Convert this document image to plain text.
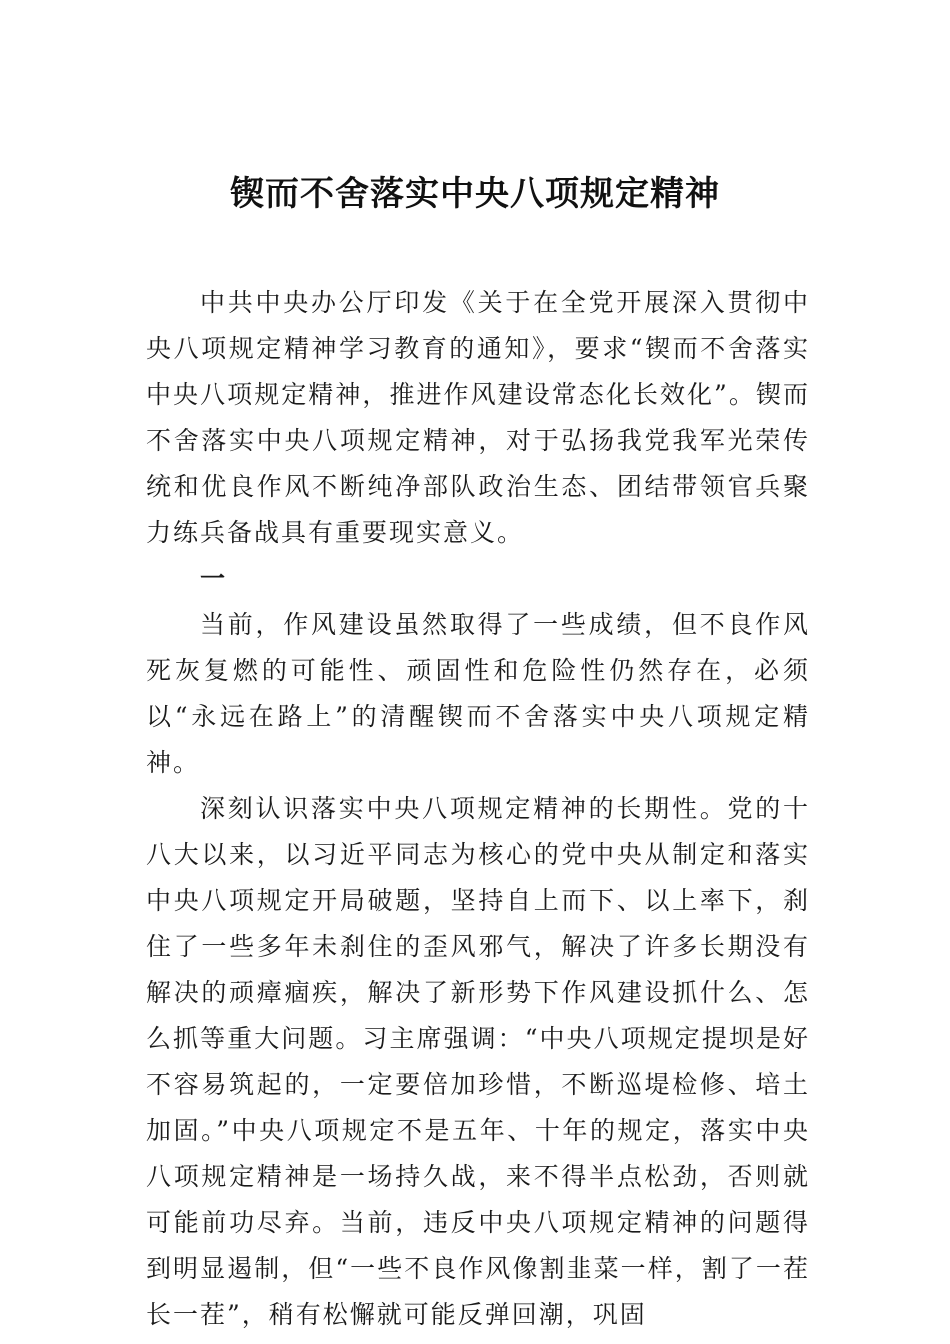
锲而不舍落实中央八项规定精神

中共中央办公厅印发《关于在全党开展深入贯彻中央八项规定精神学习教育的通知》，要求“锲而不舍落实中央八项规定精神，推进作风建设常态化长效化”。锲而不舍落实中央八项规定精神，对于弘扬我党我军光荣传统和优良作风不断纯净部队政治生态、团结带领官兵聚力练兵备战具有重要现实意义。

一

当前，作风建设虽然取得了一些成绩，但不良作风死灰复燃的可能性、顽固性和危险性仍然存在，必须以“永远在路上”的清醒锲而不舍落实中央八项规定精神。

深刻认识落实中央八项规定精神的长期性。党的十八大以来，以习近平同志为核心的党中央从制定和落实中央八项规定开局破题，坚持自上而下、以上率下，刹住了一些多年未刹住的歪风邪气，解决了许多长期没有解决的顽瘴痼疾，解决了新形势下作风建设抓什么、怎么抓等重大问题。习主席强调：“中央八项规定提坝是好不容易筑起的，一定要倍加珍惜，不断巡堤检修、培土加固。”中央八项规定不是五年、十年的规定，落实中央八项规定精神是一场持久战，来不得半点松劲，否则就可能前功尽弃。当前，违反中央八项规定精神的问题得到明显遏制，但“一些不良作风像割韭菜一样，割了一茬长一茬”，稍有松懈就可能反弹回潮，巩固
